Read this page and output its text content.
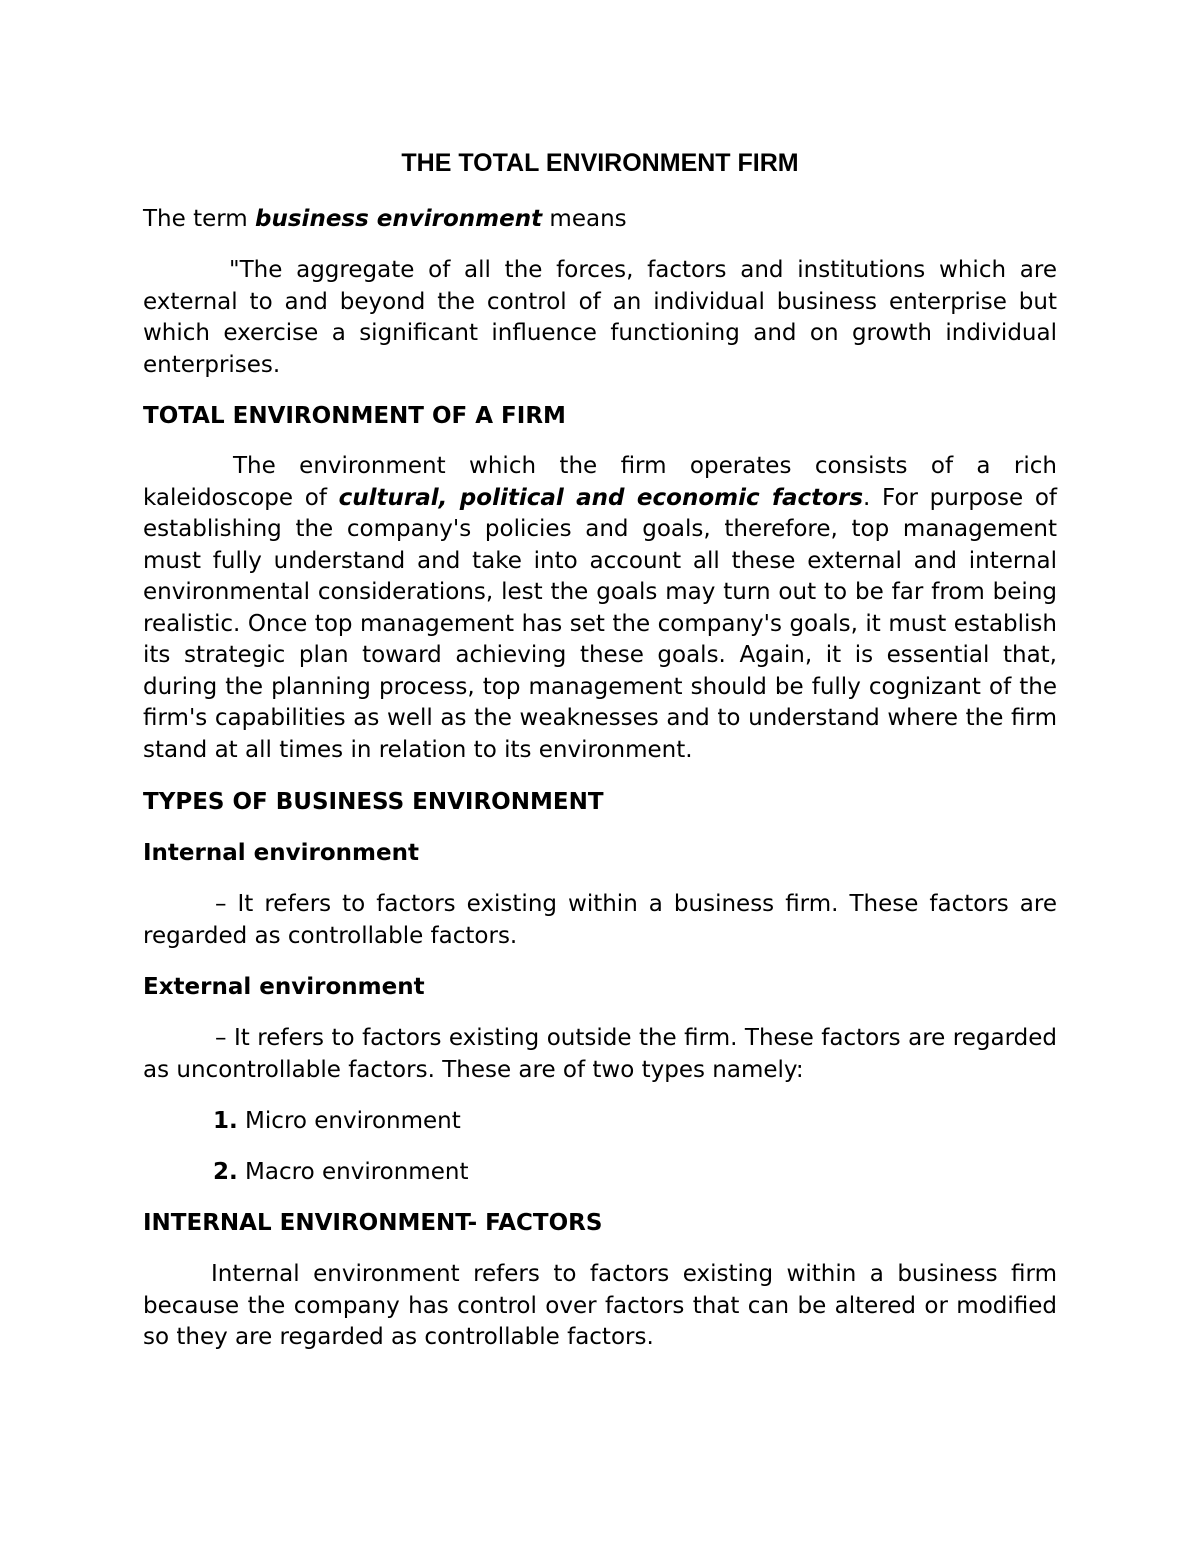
THE TOTAL ENVIRONMENT FIRM

The term business environment means

"The aggregate of all the forces, factors and institutions which are external to and beyond the control of an individual business enterprise but which exercise a significant influence functioning and on growth individual enterprises.

TOTAL ENVIRONMENT OF A FIRM

The environment which the firm operates consists of a rich kaleidoscope of cultural, political and economic factors. For purpose of establishing the company's policies and goals, therefore, top management must fully understand and take into account all these external and internal environmental considerations, lest the goals may turn out to be far from being realistic. Once top management has set the company's goals, it must establish its strategic plan toward achieving these goals. Again, it is essential that, during the planning process, top management should be fully cognizant of the firm's capabilities as well as the weaknesses and to understand where the firm stand at all times in relation to its environment.

TYPES OF BUSINESS ENVIRONMENT

Internal environment

– It refers to factors existing within a business firm. These factors are regarded as controllable factors.

External environment

– It refers to factors existing outside the firm. These factors are regarded as uncontrollable factors. These are of two types namely:

1. Micro environment

2. Macro environment

INTERNAL ENVIRONMENT- FACTORS

Internal environment refers to factors existing within a business firm because the company has control over factors that can be altered or modified so they are regarded as controllable factors.
